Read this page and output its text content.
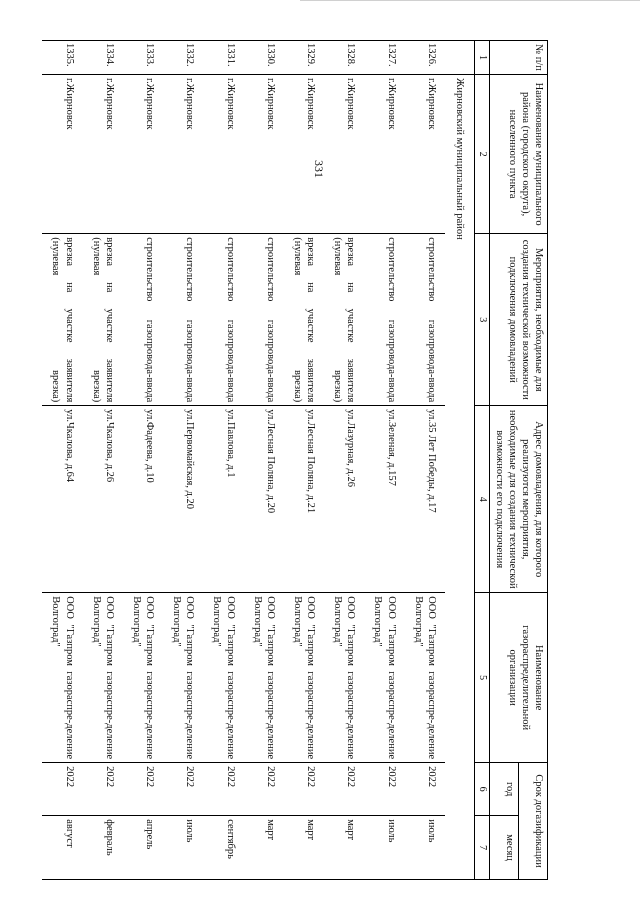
331
№ п/п	Наименование муниципального района (городского округа), населенного пункта	Мероприятия, необходимые для создания технической возможности подключения домовладений	Адрес домовладения, для которого реализуются мероприятия, необходимые для создания технической возможности его подключения	Наименование газораспределительной организации	Срок догазификации	
					год	месяц
1	2	3	4	5	6	7
	Жирновский муниципальный район					
1326.	г.Жирновск	строительство газопровода-ввода	ул.35 Лет Победы, д.17	ООО "Газпром газораспре-деление Волгоград"	2022	июль
1327.	г.Жирновск	строительство газопровода-ввода	ул.Зеленая, д.157	ООО "Газпром газораспре-деление Волгоград"	2022	июль
1328.	г.Жирновск	врезка на участке заявителя (нулевая врезка)	ул.Лазурная, д.26	ООО "Газпром газораспре-деление Волгоград"	2022	март
1329.	г.Жирновск	врезка на участке заявителя (нулевая врезка)	ул.Лесная Поляна, д.21	ООО "Газпром газораспре-деление Волгоград"	2022	март
1330.	г.Жирновск	строительство газопровода-ввода	ул.Лесная Поляна, д.20	ООО "Газпром газораспре-деление Волгоград"	2022	март
1331.	г.Жирновск	строительство газопровода-ввода	ул.Павлова, д.1	ООО "Газпром газораспре-деление Волгоград"	2022	сентябрь
1332.	г.Жирновск	строительство газопровода-ввода	ул.Первомайская, д.20	ООО "Газпром газораспре-деление Волгоград"	2022	июль
1333.	г.Жирновск	строительство газопровода-ввода	ул.Фадеева, д.10	ООО "Газпром газораспре-деление Волгоград"	2022	апрель
1334.	г.Жирновск	врезка на участке заявителя (нулевая врезка)	ул.Чкалова, д.26	ООО "Газпром газораспре-деление Волгоград"	2022	февраль
1335.	г.Жирновск	врезка на участке заявителя (нулевая врезка)	ул.Чкалова, д.64	ООО "Газпром газораспре-деление Волгоград"	2022	август
